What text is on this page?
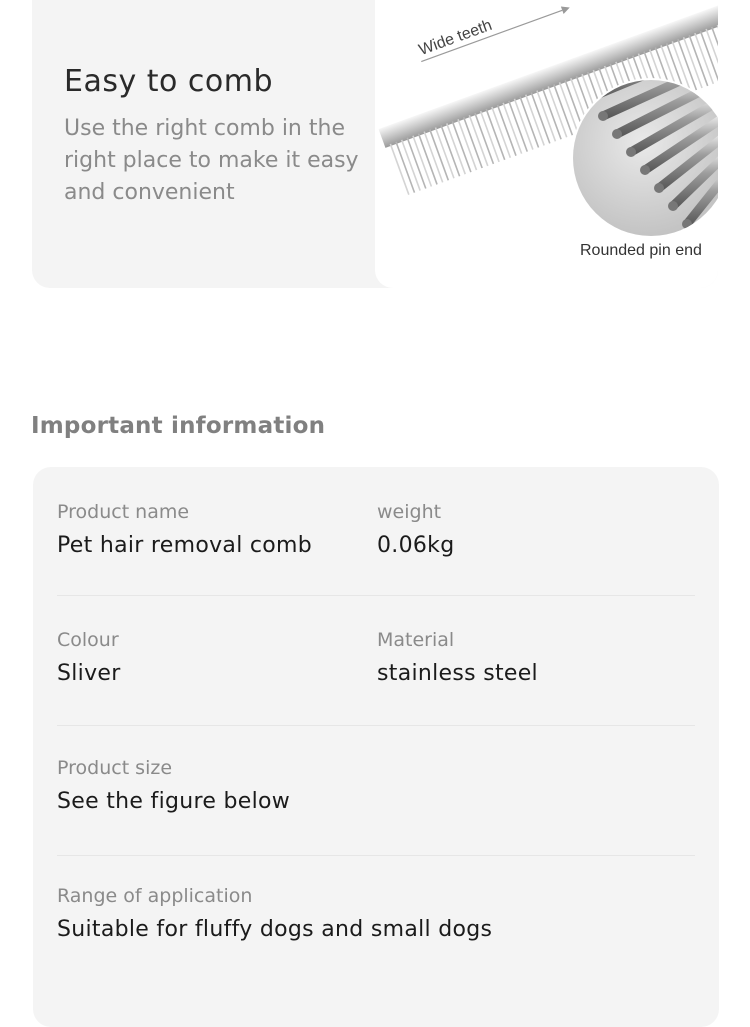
Easy to comb

Use the right comb in the right place to make it easy and convenient

Wide teeth
Rounded pin end
Important information
Product name
Pet hair removal comb
weight
0.06kg
Colour
Sliver
Material
stainless steel
Product size
See the figure below
Range of application
Suitable for fluffy dogs and small dogs
